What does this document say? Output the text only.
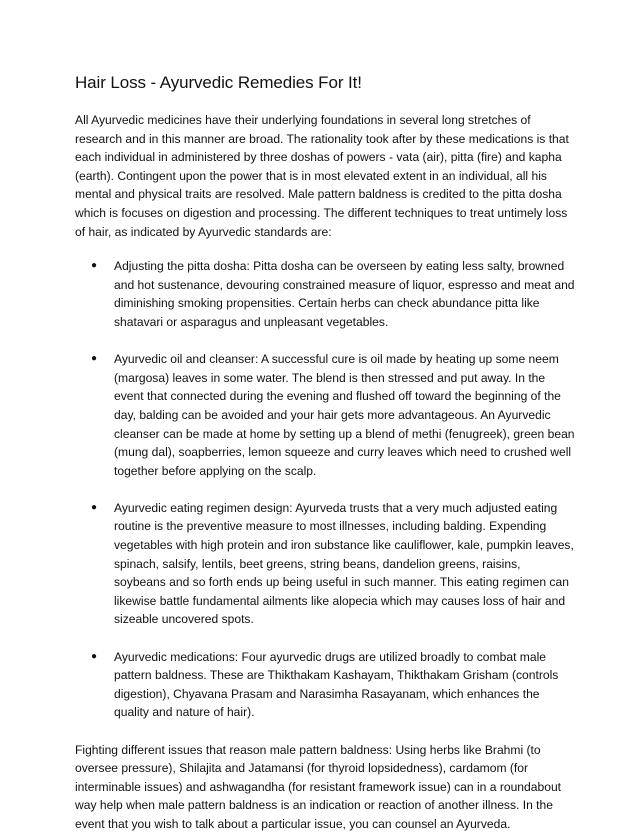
Hair Loss - Ayurvedic Remedies For It!

All Ayurvedic medicines have their underlying foundations in several long stretches of research and in this manner are broad. The rationality took after by these medications is that each individual in administered by three doshas of powers - vata (air), pitta (fire) and kapha (earth). Contingent upon the power that is in most elevated extent in an individual, all his mental and physical traits are resolved. Male pattern baldness is credited to the pitta dosha which is focuses on digestion and processing. The different techniques to treat untimely loss of hair, as indicated by Ayurvedic standards are:

● Adjusting the pitta dosha: Pitta dosha can be overseen by eating less salty, browned and hot sustenance, devouring constrained measure of liquor, espresso and meat and diminishing smoking propensities. Certain herbs can check abundance pitta like shatavari or asparagus and unpleasant vegetables.
● Ayurvedic oil and cleanser: A successful cure is oil made by heating up some neem (margosa) leaves in some water. The blend is then stressed and put away. In the event that connected during the evening and flushed off toward the beginning of the day, balding can be avoided and your hair gets more advantageous. An Ayurvedic cleanser can be made at home by setting up a blend of methi (fenugreek), green bean (mung dal), soapberries, lemon squeeze and curry leaves which need to crushed well together before applying on the scalp.
● Ayurvedic eating regimen design: Ayurveda trusts that a very much adjusted eating routine is the preventive measure to most illnesses, including balding. Expending vegetables with high protein and iron substance like cauliflower, kale, pumpkin leaves, spinach, salsify, lentils, beet greens, string beans, dandelion greens, raisins, soybeans and so forth ends up being useful in such manner. This eating regimen can likewise battle fundamental ailments like alopecia which may causes loss of hair and sizeable uncovered spots.
● Ayurvedic medications: Four ayurvedic drugs are utilized broadly to combat male pattern baldness. These are Thikthakam Kashayam, Thikthakam Grisham (controls digestion), Chyavana Prasam and Narasimha Rasayanam, which enhances the quality and nature of hair).

Fighting different issues that reason male pattern baldness: Using herbs like Brahmi (to oversee pressure), Shilajita and Jatamansi (for thyroid lopsidedness), cardamom (for interminable issues) and ashwagandha (for resistant framework issue) can in a roundabout way help when male pattern baldness is an indication or reaction of another illness. In the event that you wish to talk about a particular issue, you can counsel an Ayurveda.
